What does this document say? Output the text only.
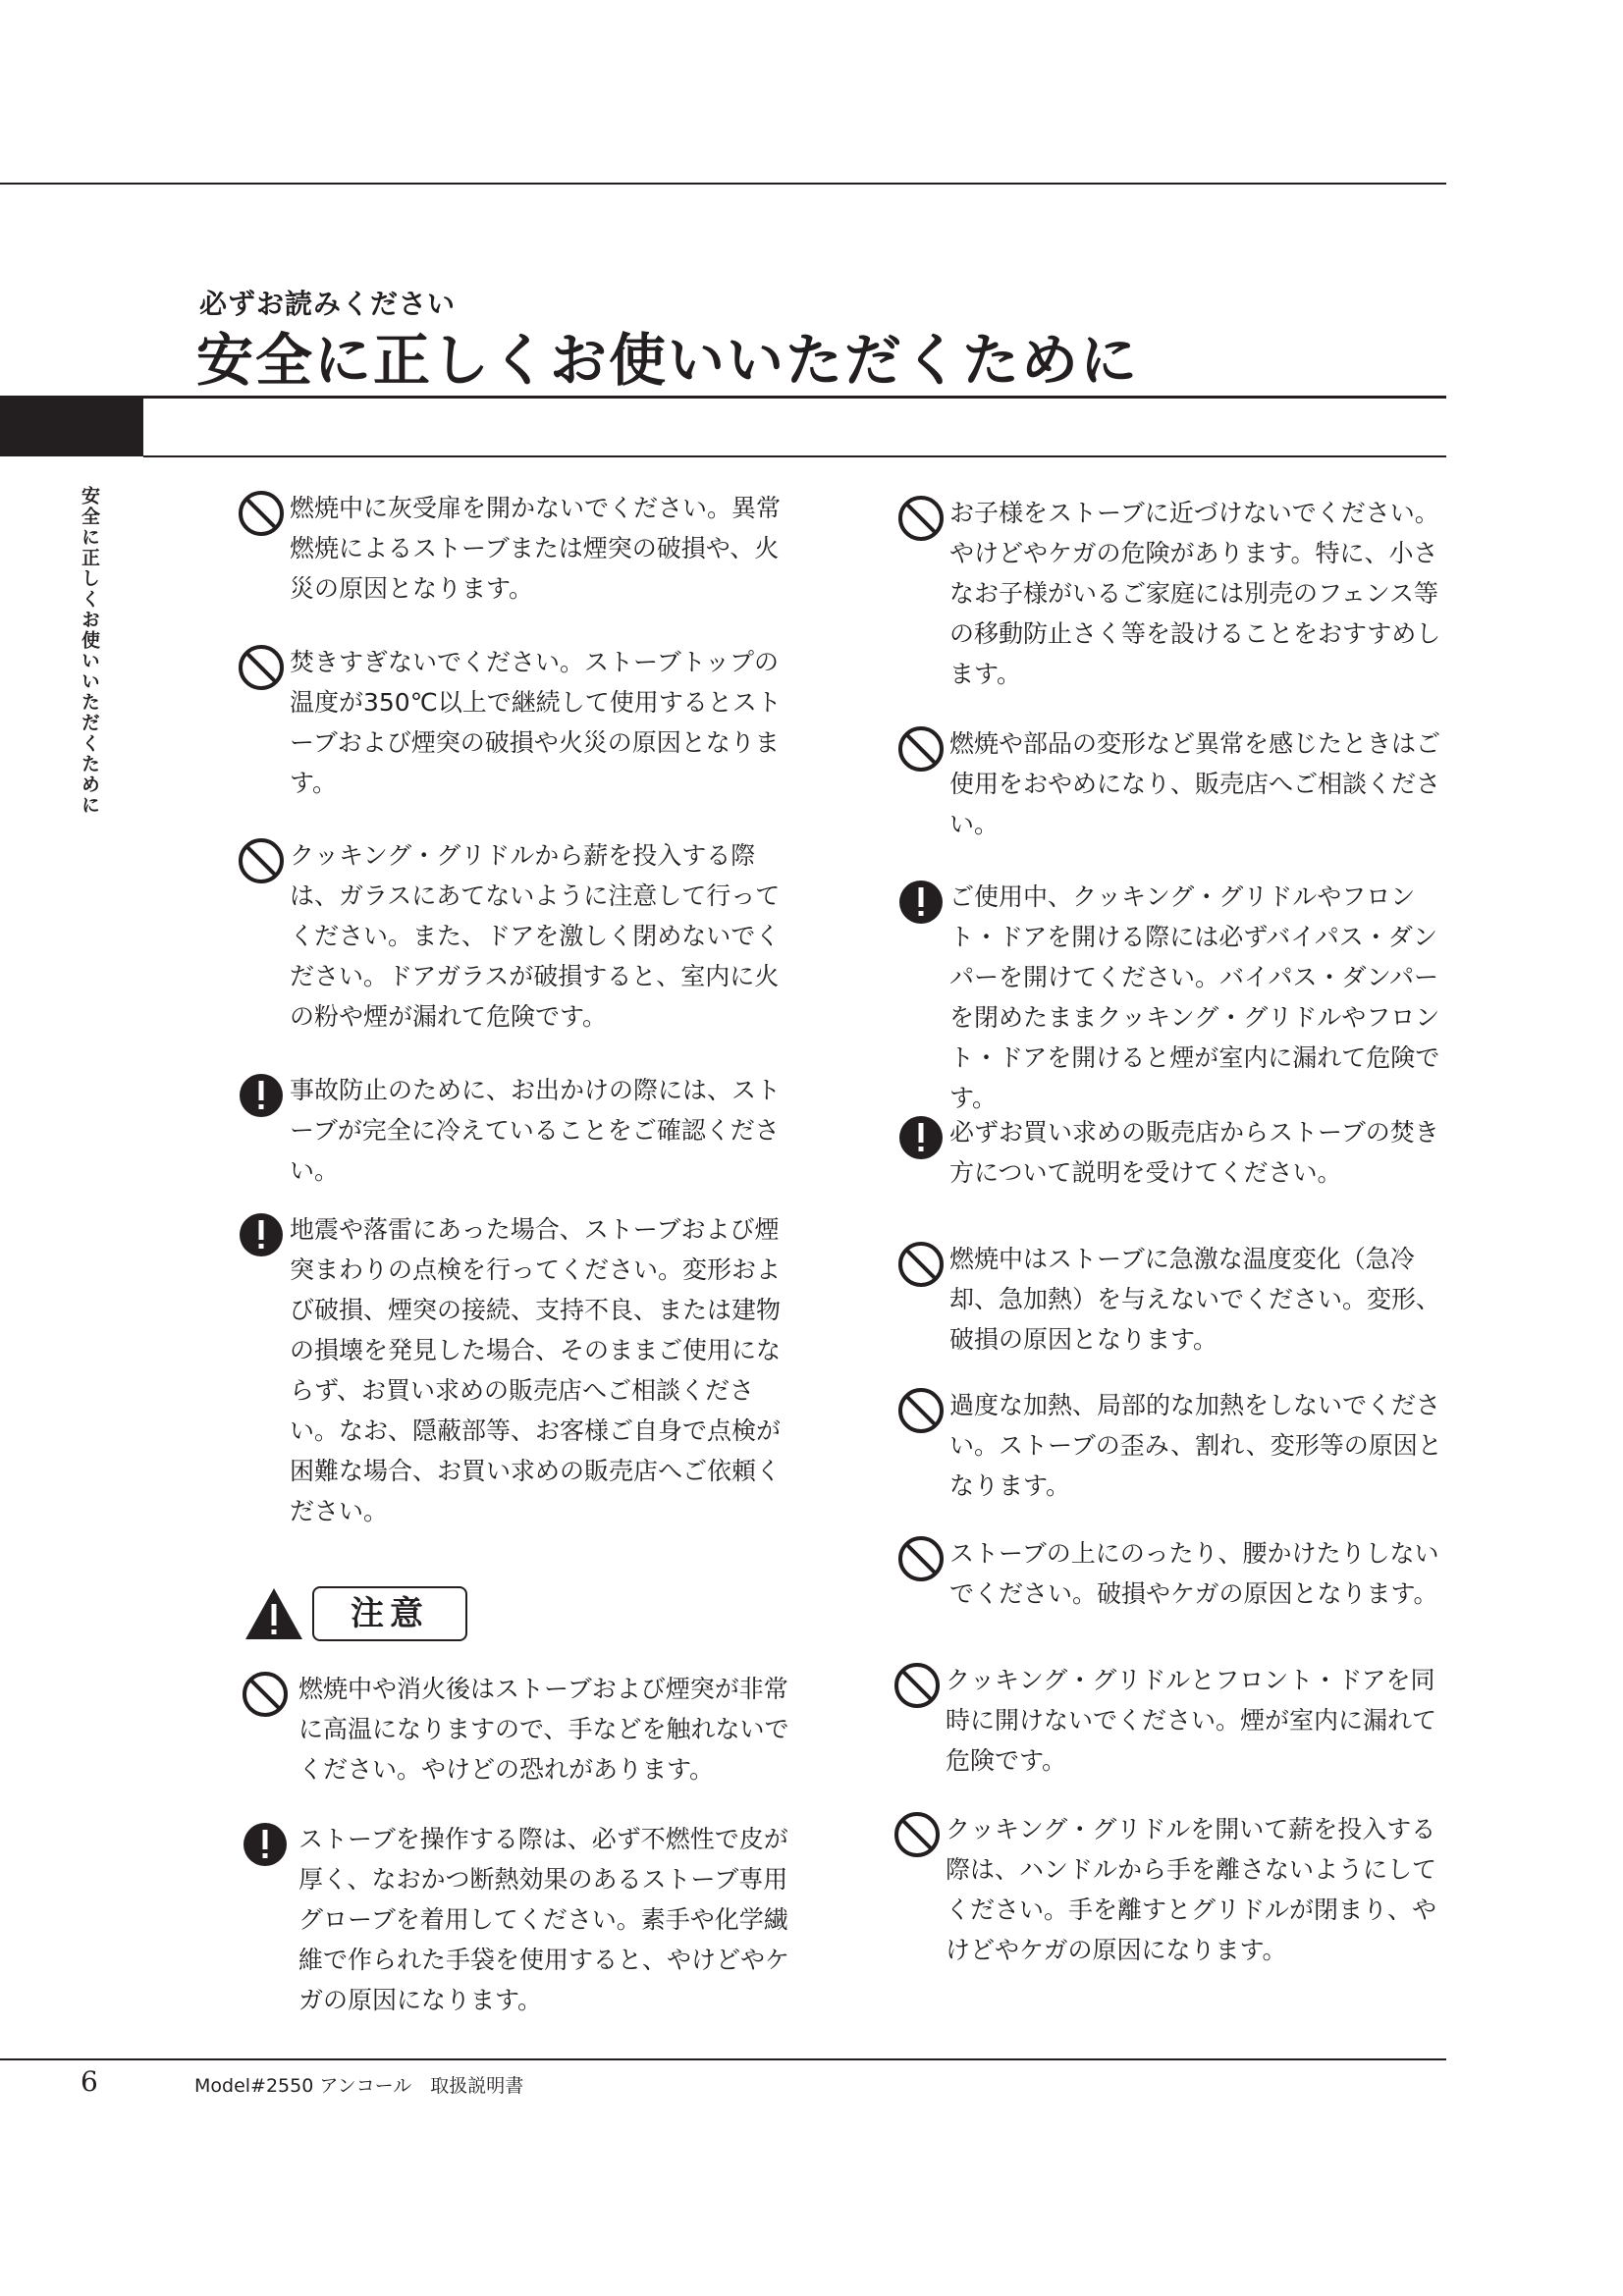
必ずお読みください
安全に正しくお使いいただくために
安全に正しくお使いいただくために	燃焼中に灰受扉を開かないでください。異常燃焼によるストーブまたは煙突の破損や、火災の原因となります。
焚きすぎないでください。ストーブトップの温度が350℃以上で継続して使用するとストーブおよび煙突の破損や火災の原因となります。
クッキング・グリドルから薪を投入する際は、ガラスにあてないように注意して行ってください。また、ドアを激しく閉めないでください。ドアガラスが破損すると、室内に火の粉や煙が漏れて危険です。
事故防止のために、お出かけの際には、ストーブが完全に冷えていることをご確認ください。
地震や落雷にあった場合、ストーブおよび煙突まわりの点検を行ってください。変形および破損、煙突の接続、支持不良、または建物の損壊を発見した場合、そのままご使用にならず、お買い求めの販売店へご相談ください。なお、隠蔽部等、お客様ご自身で点検が困難な場合、お買い求めの販売店へご依頼ください。
注意
燃焼中や消火後はストーブおよび煙突が非常に高温になりますので、手などを触れないでください。やけどの恐れがあります。
ストーブを操作する際は、必ず不燃性で皮が厚く、なおかつ断熱効果のあるストーブ専用グローブを着用してください。素手や化学繊維で作られた手袋を使用すると、やけどやケガの原因になります。
お子様をストーブに近づけないでください。やけどやケガの危険があります。特に、小さなお子様がいるご家庭には別売のフェンス等の移動防止さく等を設けることをおすすめします。
燃焼や部品の変形など異常を感じたときはご使用をおやめになり、販売店へご相談ください。
ご使用中、クッキング・グリドルやフロント・ドアを開ける際には必ずバイパス・ダンパーを開けてください。バイパス・ダンパーを閉めたままクッキング・グリドルやフロント・ドアを開けると煙が室内に漏れて危険です。
必ずお買い求めの販売店からストーブの焚き方について説明を受けてください。
燃焼中はストーブに急激な温度変化（急冷却、急加熱）を与えないでください。変形、破損の原因となります。
過度な加熱、局部的な加熱をしないでください。ストーブの歪み、割れ、変形等の原因となります。
ストーブの上にのったり、腰かけたりしないでください。破損やケガの原因となります。
クッキング・グリドルとフロント・ドアを同時に開けないでください。煙が室内に漏れて危険です。
クッキング・グリドルを開いて薪を投入する際は、ハンドルから手を離さないようにしてください。手を離すとグリドルが閉まり、やけどやケガの原因になります。
6	Model#2550 アンコール　取扱説明書
